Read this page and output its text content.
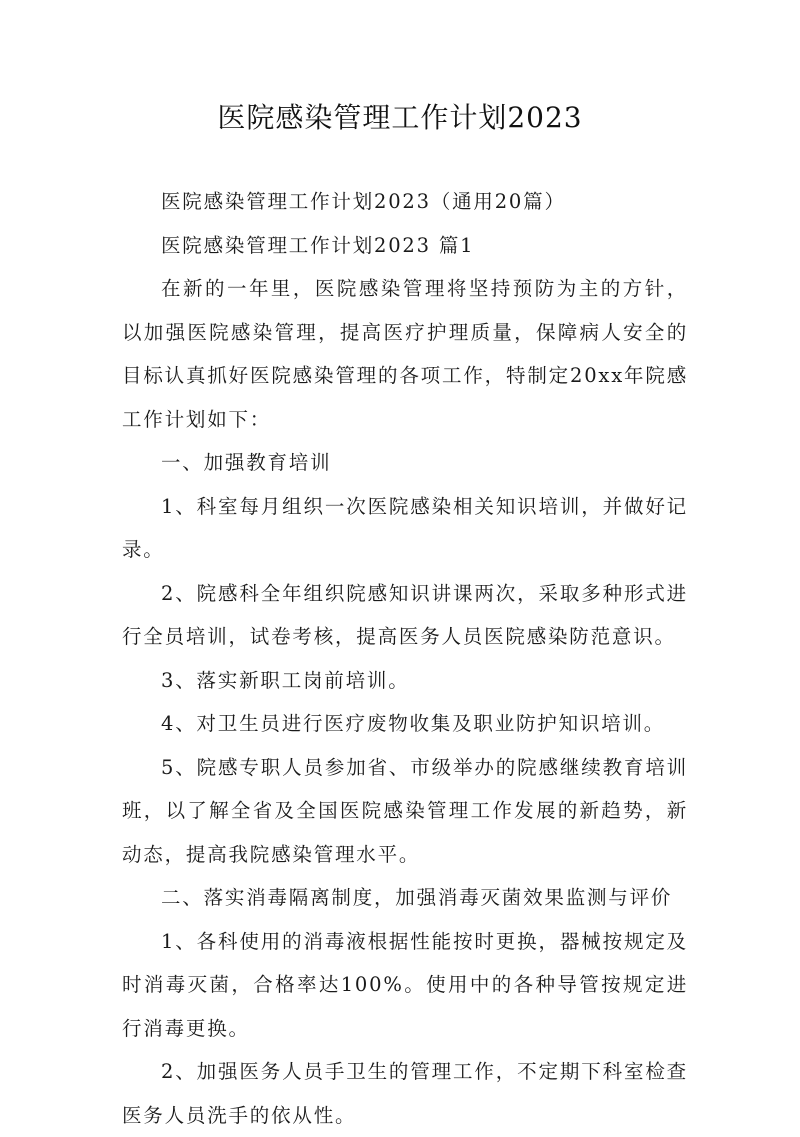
医院感染管理工作计划2023

医院感染管理工作计划2023（通用20篇）

医院感染管理工作计划2023 篇1

在新的一年里，医院感染管理将坚持预防为主的方针，以加强医院感染管理，提高医疗护理质量，保障病人安全的目标认真抓好医院感染管理的各项工作，特制定20xx年院感工作计划如下：

一、加强教育培训

1、科室每月组织一次医院感染相关知识培训，并做好记录。

2、院感科全年组织院感知识讲课两次，采取多种形式进行全员培训，试卷考核，提高医务人员医院感染防范意识。

3、落实新职工岗前培训。

4、对卫生员进行医疗废物收集及职业防护知识培训。

5、院感专职人员参加省、市级举办的院感继续教育培训班，以了解全省及全国医院感染管理工作发展的新趋势，新动态，提高我院感染管理水平。

二、落实消毒隔离制度，加强消毒灭菌效果监测与评价

1、各科使用的消毒液根据性能按时更换，器械按规定及时消毒灭菌，合格率达100%。使用中的各种导管按规定进行消毒更换。

2、加强医务人员手卫生的管理工作，不定期下科室检查医务人员洗手的依从性。
